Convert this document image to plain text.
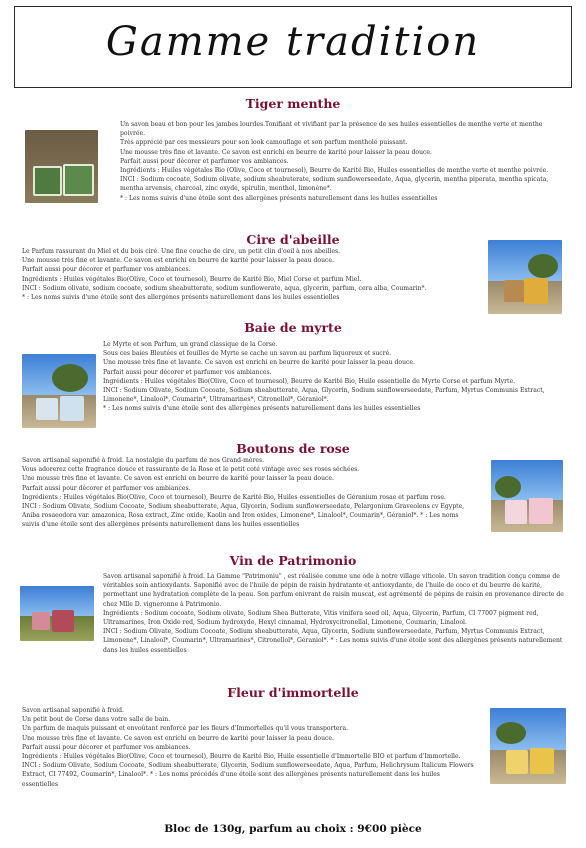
Gamme tradition
Tiger menthe

Un savon beau et bon pour les jambes lourdes.Tonifiant et vivifiant par la présence de ses huiles essentielles de menthe verte et menthe poivrée.

Très apprécié par ces messieurs pour son look camouflage et son parfum mentholé puissant.

Une mousse très fine et lavante. Ce savon est enrichi en beurre de karité pour laisser la peau douce.

Parfait aussi pour décorer et parfumer vos ambiances.

Ingrédients : Huiles végétales Bio (Olive, Coco et tournesol), Beurre de Karité Bio, Huiles essentielles de menthe verte et menthe poivrée.

INCI : Sodium cocoate, Sodium olivate, sodium sheabuterate, sodium sunflowerseedate, Aqua, glycerin, mentha piperata, mentha spicata,

mentha arvensis, charcoal, zinc oxyde, spirulin, menthol, limonène*.

* : Les noms suivis d'une étoile sont des allergènes présents naturellement dans les huiles essentielles

Cire d'abeille

Le Parfum rassurant du Miel et du bois ciré. Une fine couche de cire, un petit clin d'oeil à nos abeilles.

Une mousse très fine et lavante. Ce savon est enrichi en beurre de karité pour laisser la peau douce.

Parfait aussi pour décorer et parfumer vos ambiances.

Ingrédients : Huiles végétales Bio(Olive, Coco et tournesol), Beurre de Karité Bio, Miel Corse et parfum Miel.

INCI : Sodium olivate, sodium cocoate, sodium sheabutterate, sodium sunflowerate, aqua, glycerin, parfum, cera alba, Coumarin*.

* : Les noms suivis d'une étoile sont des allergènes présents naturellement dans les huiles essentielles

Baie de myrte

Le Myrte et son Parfum, un grand classique de la Corse.

Sous ces baies Bleutées et feuilles de Myrte se cache un savon au parfum liquoreux et sucré.

Une mousse très fine et lavante. Ce savon est enrichi en beurre de karité pour laisser la peau douce.

Parfait aussi pour décorer et parfumer vos ambiances.

Ingrédients : Huiles végétales Bio(Olive, Coco et tournesol), Beurre de Karité Bio, Huile essentielle de Myrte Corse et parfum Myrte.

INCI : Sodium Olivate, Sodium Cocoate, Sodium sheabutterate, Aqua, Glycerin, Sodium sunflowerseedate, Parfum, Myrtus Communis Extract,

Limonene*, Linalool*, Coumarin*, Ultramarines*, Citronellol*, Géraniol*.

* : Les noms suivis d'une étoile sont des allergènes présents naturellement dans les huiles essentielles

Boutons de rose

Savon artisanal saponifié à froid. La nostalgie du parfum de nos Grand-mères.

Vous adorerez cette fragrance douce et rassurante de la Rose et le petit coté vintage avec ses roses séchées.

Une mousse très fine et lavante. Ce savon est enrichi en beurre de karité pour laisser la peau douce.

Parfait aussi pour décorer et parfumer vos ambiances.

Ingrédients : Huiles végétales Bio(Olive, Coco et tournesol), Beurre de Karité Bio, Huiles essentielles de Géranium rosae et parfum rose.

INCI : Sodium Olivate, Sodium Cocoate, Sodium sheabutterate, Aqua, Glycerin, Sodium sunflowerseedate, Pelargonium Graveolens cv Egypte, Aniba rosaeodora var. amazonica, Rosa extract, Zinc oxide, Kaolin and Iron oxides, Limonene*, Linalool*, Coumarin*, Géraniol*. * : Les noms suivis d'une étoile sont des allergènes présents naturellement dans les huiles essentielles

Vin de Patrimonio

Savon artisanal saponifié à froid. La Gamme "Patrimoniu" , est réalisée comme une ode à notre village viticole. Un savon tradition conçu comme de véritables soin antioxydants. Saponifié avec de l'huile de pépin de raisin hydratante et antioxydante, de l'huile de coco et du beurre de karité, permettant une hydratation complète de la peau. Son parfum enivrant de raisin muscat, est agrémenté de pépins de raisin en provenance directe de chez Mlle D. vigneronne à Patrimonio.

Ingrédients : Sodium cocoate, Sodium olivate, Sodium Shea Butterate, Vitis vinifera seed oil, Aqua, Glycerin, Parfum, CI 77007 pigment red, Ultramarines, Iron Oxide red, Sodium hydroxyde, Hexyl cinnamal, Hydroxycitronellal, Limonene, Coumarin, Linalool.

INCI : Sodium Olivate, Sodium Cocoate, Sodium sheabutterate, Aqua, Glycerin, Sodium sunflowerseedate, Parfum, Myrtus Communis Extract, Limonene*, Linalool*, Coumarin*, Ultramarines*, Citronellol*, Géraniol*. * : Les noms suivis d'une étoile sont des allergènes présents naturellement dans les huiles essentielles

Fleur d'immortelle

Savon artisanal saponifié à froid.

Un petit bout de Corse dans votre salle de bain.

Un parfum de maquis puissant et envoûtant renforcé par les fleurs d'Immortelles qu'il vous transportera.

Une mousse très fine et lavante. Ce savon est enrichi en beurre de karité pour laisser la peau douce.

Parfait aussi pour décorer et parfumer vos ambiances.

Ingrédients : Huiles végétales Bio(Olive, Coco et tournesol), Beurre de Karité Bio, Huile essentielle d'Immortelle BIO et parfum d'Immortelle.

INCI : Sodium Olivate, Sodium Cocoate, Sodium sheabutterate, Glycerin, Sodium sunflowerseedate, Aqua, Parfum, Helichrysum Italicum Flowers Extract, CI 77492, Coumarin*, Linalool*. * : Les noms précédés d'une étoile sont des allergènes présents naturellement dans les huiles essentielles

Bloc de 130g, parfum au choix : 9€00 pièce
